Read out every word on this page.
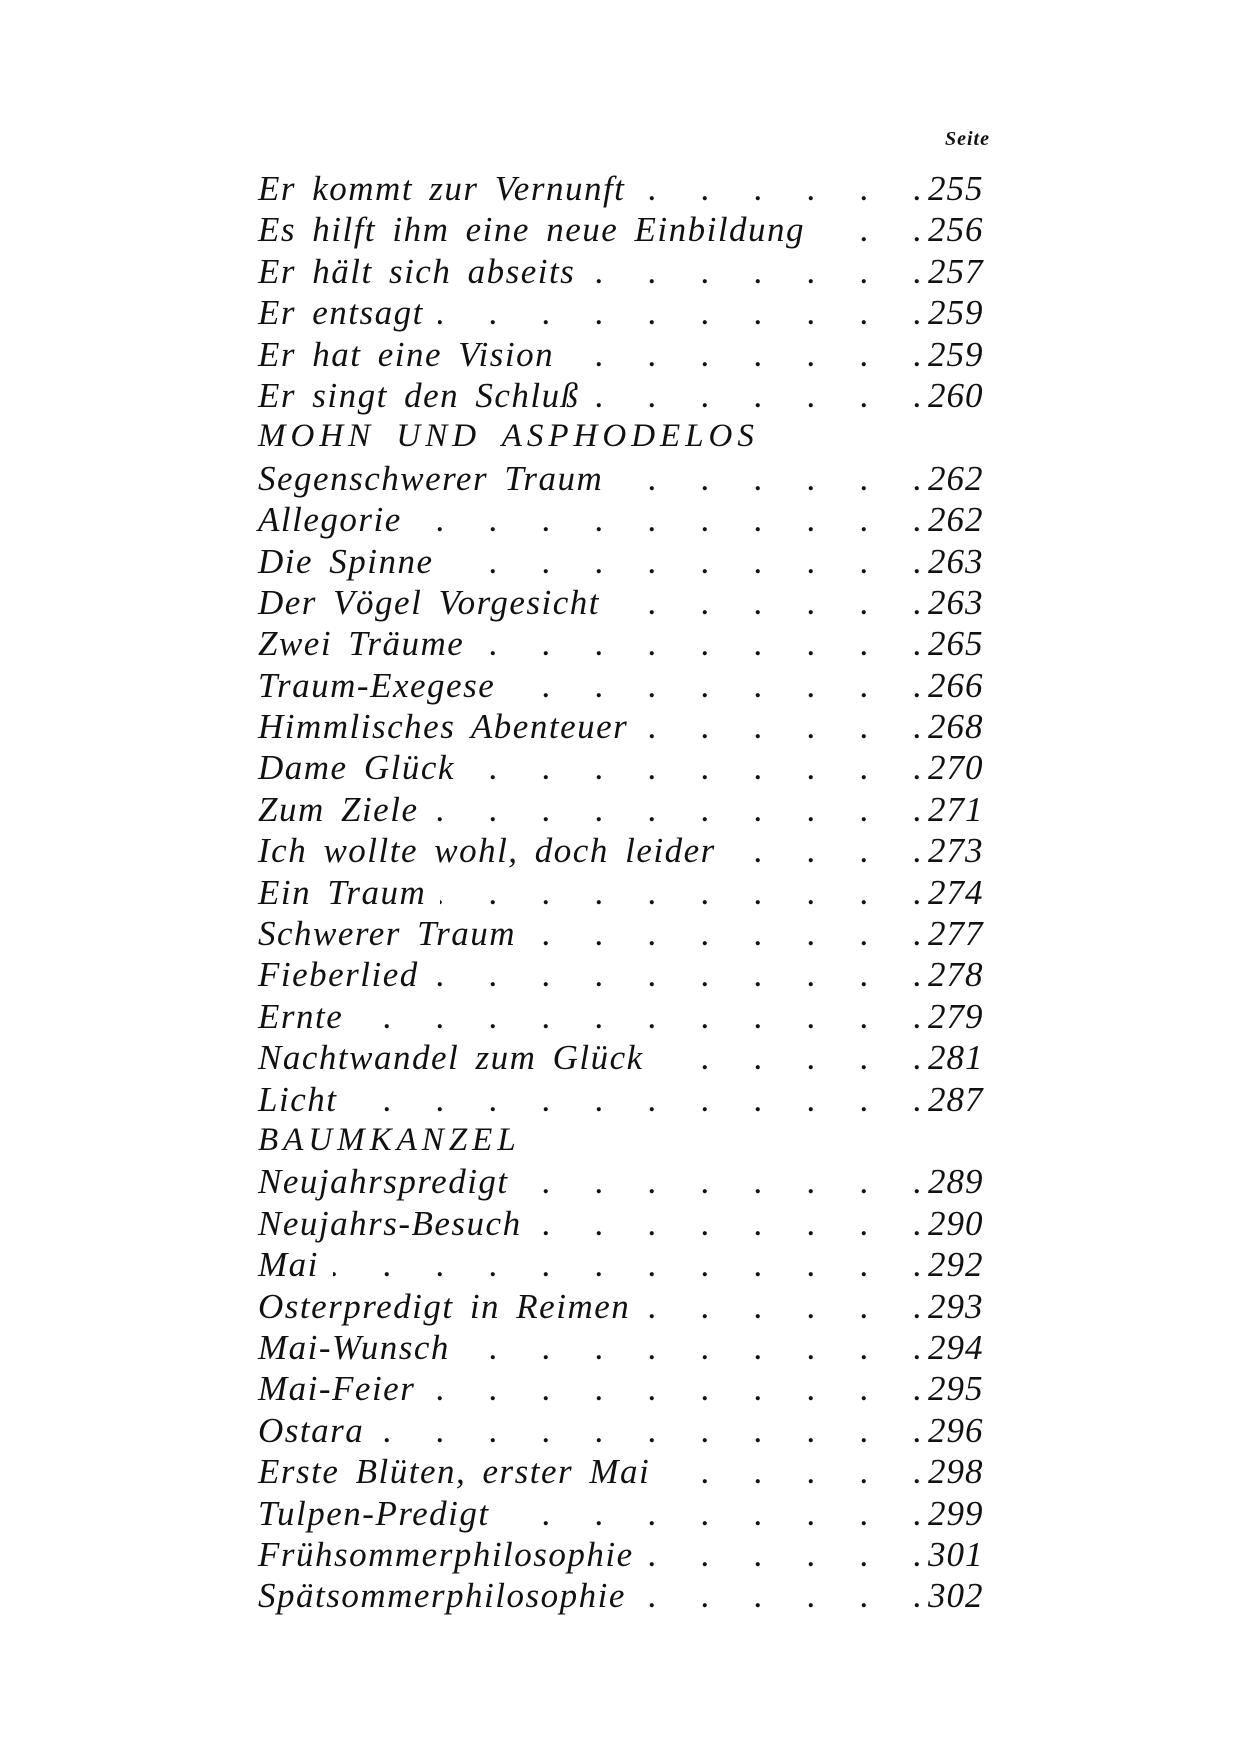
Seite
Er kommt zur Vernunft .   .	255
Es hilft ihm eine neue Einbildung .   .	256
Er hält sich abseits .   .	257
Er entsagt .   .	259
Er hat eine Vision .   .	259
Er singt den Schluß .   .	260
MOHN UND ASPHODELOS
Segenschwerer Traum .   .	262
Allegorie .   .	262
Die Spinne .   .	263
Der Vögel Vorgesicht .   .	263
Zwei Träume .   .	265
Traum-Exegese .   .	266
Himmlisches Abenteuer .   .	268
Dame Glück .   .	270
Zum Ziele .   .	271
Ich wollte wohl, doch leider .   .	273
Ein Traum .   .	274
Schwerer Traum .   .	277
Fieberlied .   .	278
Ernte .   .	279
Nachtwandel zum Glück .   .	281
Licht .   .	287
BAUMKANZEL
Neujahrspredigt .   .	289
Neujahrs-Besuch .   .	290
Mai .   .	292
Osterpredigt in Reimen .   .	293
Mai-Wunsch .   .	294
Mai-Feier .   .	295
Ostara .   .	296
Erste Blüten, erster Mai .   .	298
Tulpen-Predigt .   .	299
Frühsommerphilosophie .   .	301
Spätsommerphilosophie .   .	302
